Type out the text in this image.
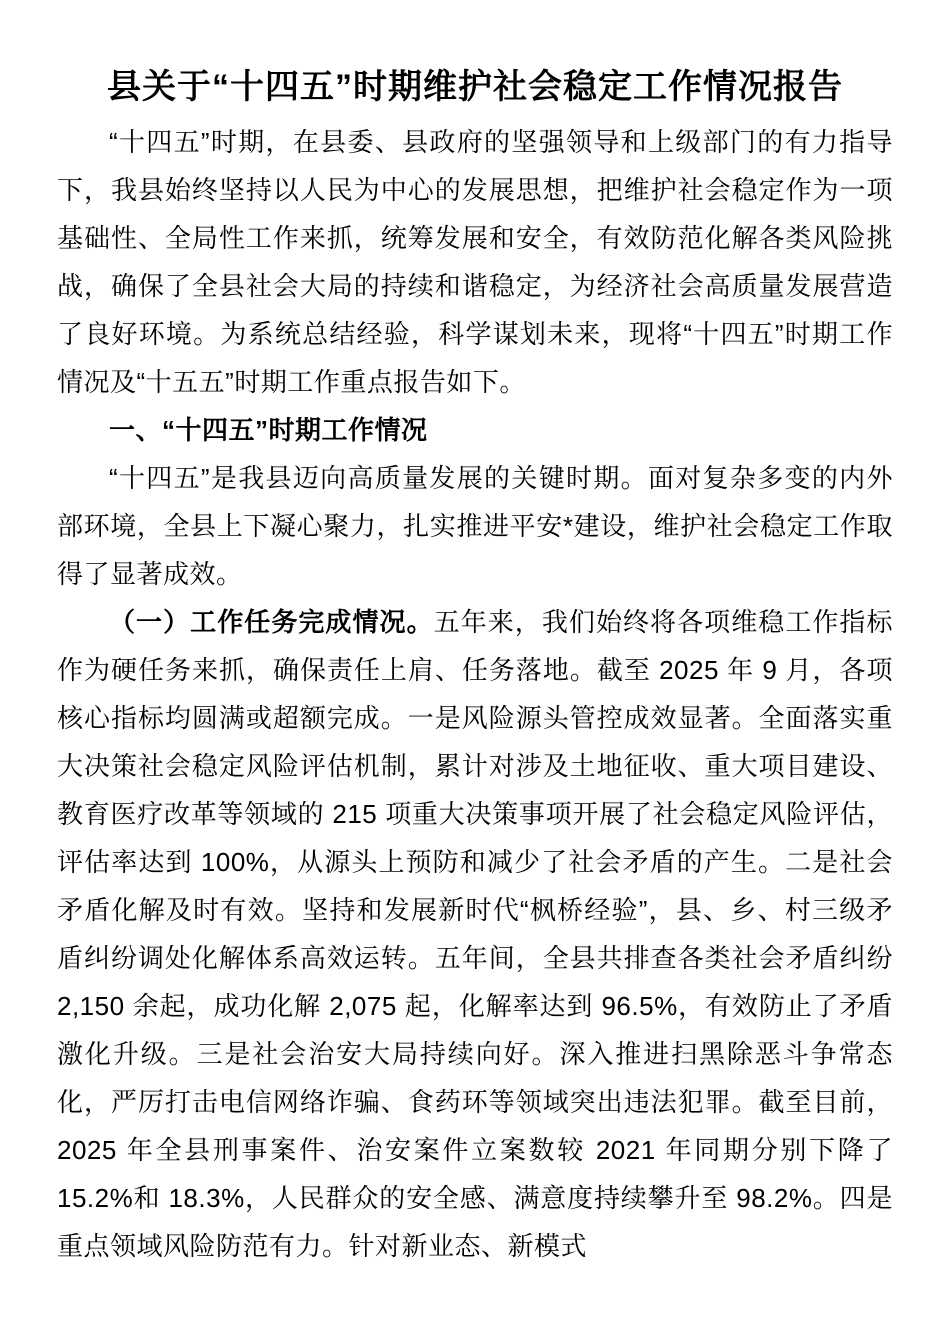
县关于“十四五”时期维护社会稳定工作情况报告

“十四五”时期，在县委、县政府的坚强领导和上级部门的有力指导下，我县始终坚持以人民为中心的发展思想，把维护社会稳定作为一项基础性、全局性工作来抓，统筹发展和安全，有效防范化解各类风险挑战，确保了全县社会大局的持续和谐稳定，为经济社会高质量发展营造了良好环境。为系统总结经验，科学谋划未来，现将“十四五”时期工作情况及“十五五”时期工作重点报告如下。

一、“十四五”时期工作情况

“十四五”是我县迈向高质量发展的关键时期。面对复杂多变的内外部环境，全县上下凝心聚力，扎实推进平安*建设，维护社会稳定工作取得了显著成效。

（一）工作任务完成情况。五年来，我们始终将各项维稳工作指标作为硬任务来抓，确保责任上肩、任务落地。截至 2025 年 9 月，各项核心指标均圆满或超额完成。一是风险源头管控成效显著。全面落实重大决策社会稳定风险评估机制，累计对涉及土地征收、重大项目建设、教育医疗改革等领域的 215 项重大决策事项开展了社会稳定风险评估，评估率达到 100%，从源头上预防和减少了社会矛盾的产生。二是社会矛盾化解及时有效。坚持和发展新时代“枫桥经验”，县、乡、村三级矛盾纠纷调处化解体系高效运转。五年间，全县共排查各类社会矛盾纠纷 2,150 余起，成功化解 2,075 起，化解率达到 96.5%，有效防止了矛盾激化升级。三是社会治安大局持续向好。深入推进扫黑除恶斗争常态化，严厉打击电信网络诈骗、食药环等领域突出违法犯罪。截至目前，2025 年全县刑事案件、治安案件立案数较 2021 年同期分别下降了 15.2%和 18.3%，人民群众的安全感、满意度持续攀升至 98.2%。四是重点领域风险防范有力。针对新业态、新模式
